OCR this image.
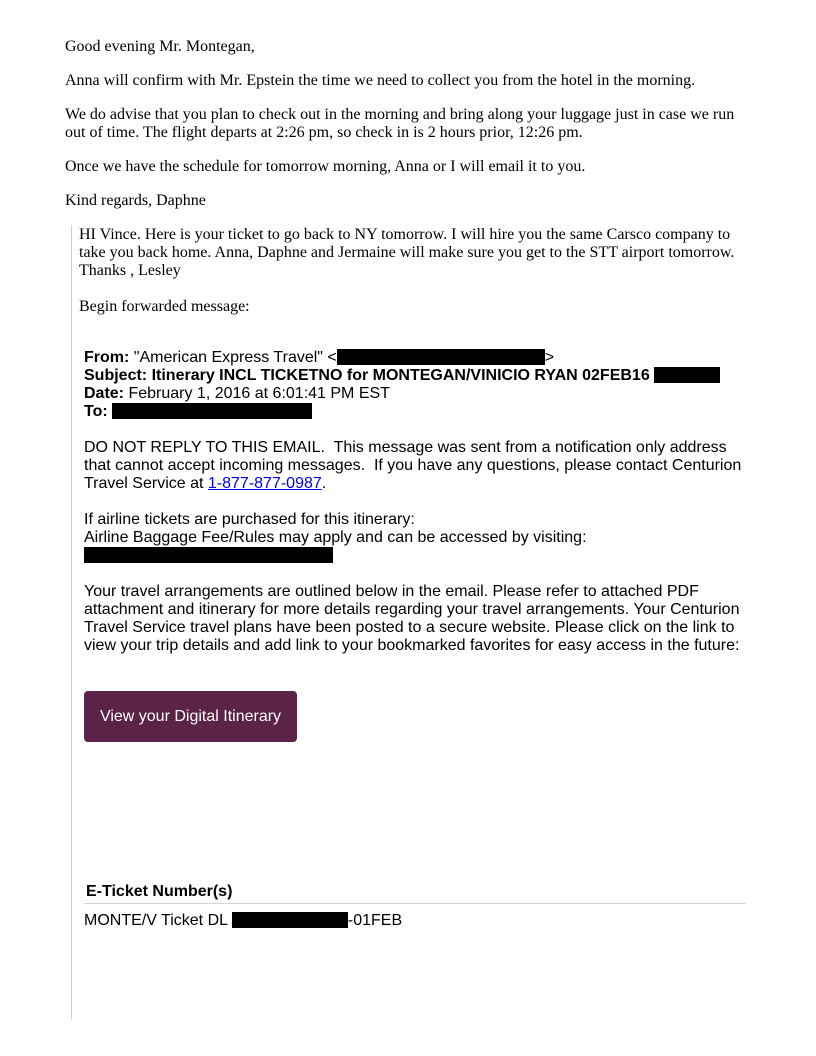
Good evening Mr. Montegan,

Anna will confirm with Mr. Epstein the time we need to collect you from the hotel in the morning.

We do advise that you plan to check out in the morning and bring along your luggage just in case we run out of time. The flight departs at 2:26 pm, so check in is 2 hours prior, 12:26 pm.

Once we have the schedule for tomorrow morning, Anna or I will email it to you.

Kind regards, Daphne

HI Vince. Here is your ticket to go back to NY tomorrow. I will hire you the same Carsco company to take you back home. Anna, Daphne and Jermaine will make sure you get to the STT airport tomorrow. Thanks , Lesley

Begin forwarded message:

From: "American Express Travel" <	>
Subject: Itinerary INCL TICKETNO for MONTEGAN/VINICIO RYAN 02FEB16
Date: February 1, 2016 at 6:01:41 PM EST
To:

DO NOT REPLY TO THIS EMAIL.  This message was sent from a notification only address that cannot accept incoming messages.  If you have any questions, please contact Centurion Travel Service at 1-877-877-0987.

If airline tickets are purchased for this itinerary:
Airline Baggage Fee/Rules may apply and can be accessed by visiting:

Your travel arrangements are outlined below in the email. Please refer to attached PDF attachment and itinerary for more details regarding your travel arrangements. Your Centurion Travel Service travel plans have been posted to a secure website. Please click on the link to view your trip details and add link to your bookmarked favorites for easy access in the future:

View your Digital Itinerary
E-Ticket Number(s)
MONTE/V Ticket DL	-01FEB
